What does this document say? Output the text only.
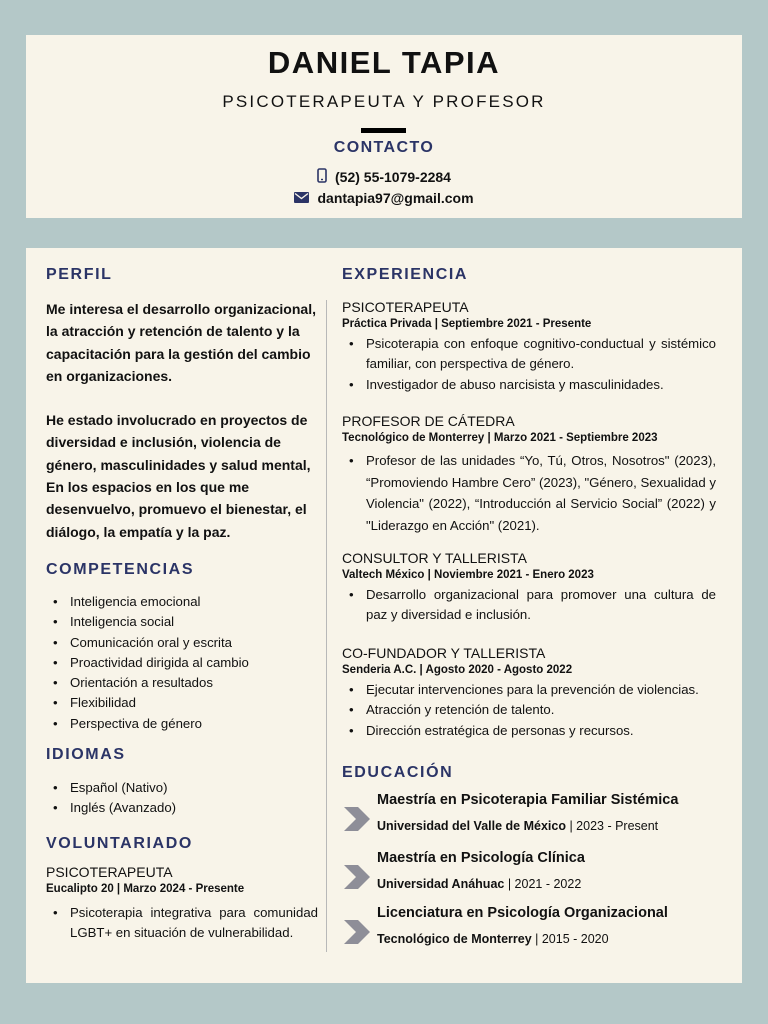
DANIEL TAPIA
PSICOTERAPEUTA Y PROFESOR
CONTACTO
(52) 55-1079-2284
dantapia97@gmail.com
PERFIL

Me interesa el desarrollo organizacional, la atracción y retención de talento y la capacitación para la gestión del cambio en organizaciones.

He estado involucrado en proyectos de diversidad e inclusión, violencia de género, masculinidades y salud mental, En los espacios en los que me desenvuelvo, promuevo el bienestar, el diálogo, la empatía y la paz.

COMPETENCIAS
• Inteligencia emocional
• Inteligencia social
• Comunicación oral y escrita
• Proactividad dirigida al cambio
• Orientación a resultados
• Flexibilidad
• Perspectiva de género
IDIOMAS
• Español (Nativo)
• Inglés (Avanzado)
VOLUNTARIADO
PSICOTERAPEUTA
Eucalipto 20 | Marzo 2024 - Presente
• Psicoterapia integrativa para comunidad LGBT+ en situación de vulnerabilidad.
EXPERIENCIA
PSICOTERAPEUTA
Práctica Privada | Septiembre 2021 - Presente
• Psicoterapia con enfoque cognitivo-conductual y sistémico familiar, con perspectiva de género.
• Investigador de abuso narcisista y masculinidades.
PROFESOR DE CÁTEDRA
Tecnológico de Monterrey | Marzo 2021 - Septiembre 2023
• Profesor de las unidades “Yo, Tú, Otros, Nosotros" (2023), “Promoviendo Hambre Cero” (2023), "Género, Sexualidad y Violencia" (2022), “Introducción al Servicio Social” (2022) y "Liderazgo en Acción" (2021).
CONSULTOR Y TALLERISTA
Valtech México | Noviembre 2021 - Enero 2023
• Desarrollo organizacional para promover una cultura de paz y diversidad e inclusión.
CO-FUNDADOR Y TALLERISTA
Senderia A.C. | Agosto 2020 - Agosto 2022
• Ejecutar intervenciones para la prevención de violencias.
• Atracción y retención de talento.
• Dirección estratégica de personas y recursos.
EDUCACIÓN
Maestría en Psicoterapia Familiar Sistémica
Universidad del Valle de México | 2023 - Present
Maestría en Psicología Clínica
Universidad Anáhuac | 2021 - 2022
Licenciatura en Psicología Organizacional
Tecnológico de Monterrey | 2015 - 2020
